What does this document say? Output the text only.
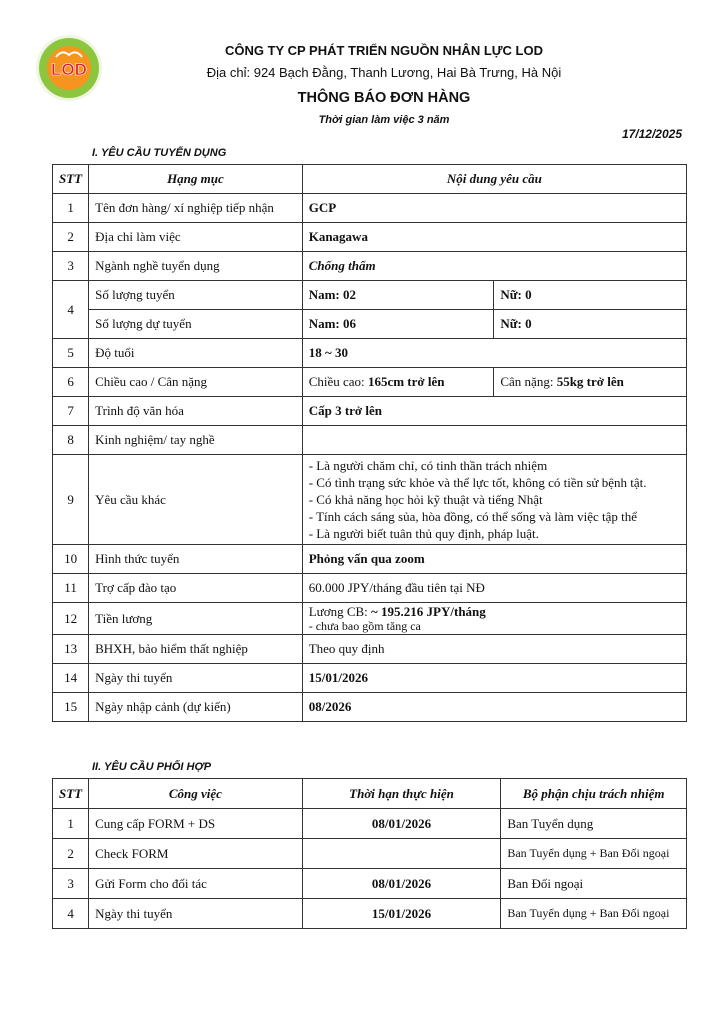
LOD
CÔNG TY CP PHÁT TRIỂN NGUỒN NHÂN LỰC LOD
Địa chỉ: 924 Bạch Đằng, Thanh Lương, Hai Bà Trưng, Hà Nội
THÔNG BÁO ĐƠN HÀNG
Thời gian làm việc 3 năm
17/12/2025
I. YÊU CẦU TUYỂN DỤNG
STT	Hạng mục	Nội dung yêu cầu	
1	Tên đơn hàng/ xí nghiệp tiếp nhận	GCP	
2	Địa chỉ làm việc	Kanagawa	
3	Ngành nghề tuyển dụng	Chống thấm	
4	Số lượng tuyển	Nam: 02	Nữ: 0
	Số lượng dự tuyển	Nam: 06	Nữ: 0
5	Độ tuổi	18 ~ 30	
6	Chiều cao / Cân nặng	Chiều cao: 165cm trở lên	Cân nặng: 55kg trở lên
7	Trình độ văn hóa	Cấp 3 trở lên	
8	Kinh nghiệm/ tay nghề		
9	Yêu cầu khác	- Là người chăm chỉ, có tinh thần trách nhiệm
- Có tình trạng sức khỏe và thể lực tốt, không có tiền sử bệnh tật.
- Có khả năng học hỏi kỹ thuật và tiếng Nhật
- Tính cách sáng sủa, hòa đồng, có thể sống và làm việc tập thể
- Là người biết tuân thủ quy định, pháp luật.	

10	Hình thức tuyển	Phỏng vấn qua zoom	
11	Trợ cấp đào tạo	60.000 JPY/tháng đầu tiên tại NĐ	
12	Tiền lương	Lương CB: ~ 195.216 JPY/tháng
- chưa bao gồm tăng ca	

13	BHXH, bảo hiểm thất nghiệp	Theo quy định	
14	Ngày thi tuyển	15/01/2026	
15	Ngày nhập cảnh (dự kiến)	08/2026	
II. YÊU CẦU PHỐI HỢP
STT	Công việc	Thời hạn thực hiện	Bộ phận chịu trách nhiệm
1	Cung cấp FORM + DS	08/01/2026	Ban Tuyển dụng
2	Check FORM		Ban Tuyển dụng + Ban Đối ngoại
3	Gửi Form cho đối tác	08/01/2026	Ban Đối ngoại
4	Ngày thi tuyển	15/01/2026	Ban Tuyển dụng + Ban Đối ngoại
